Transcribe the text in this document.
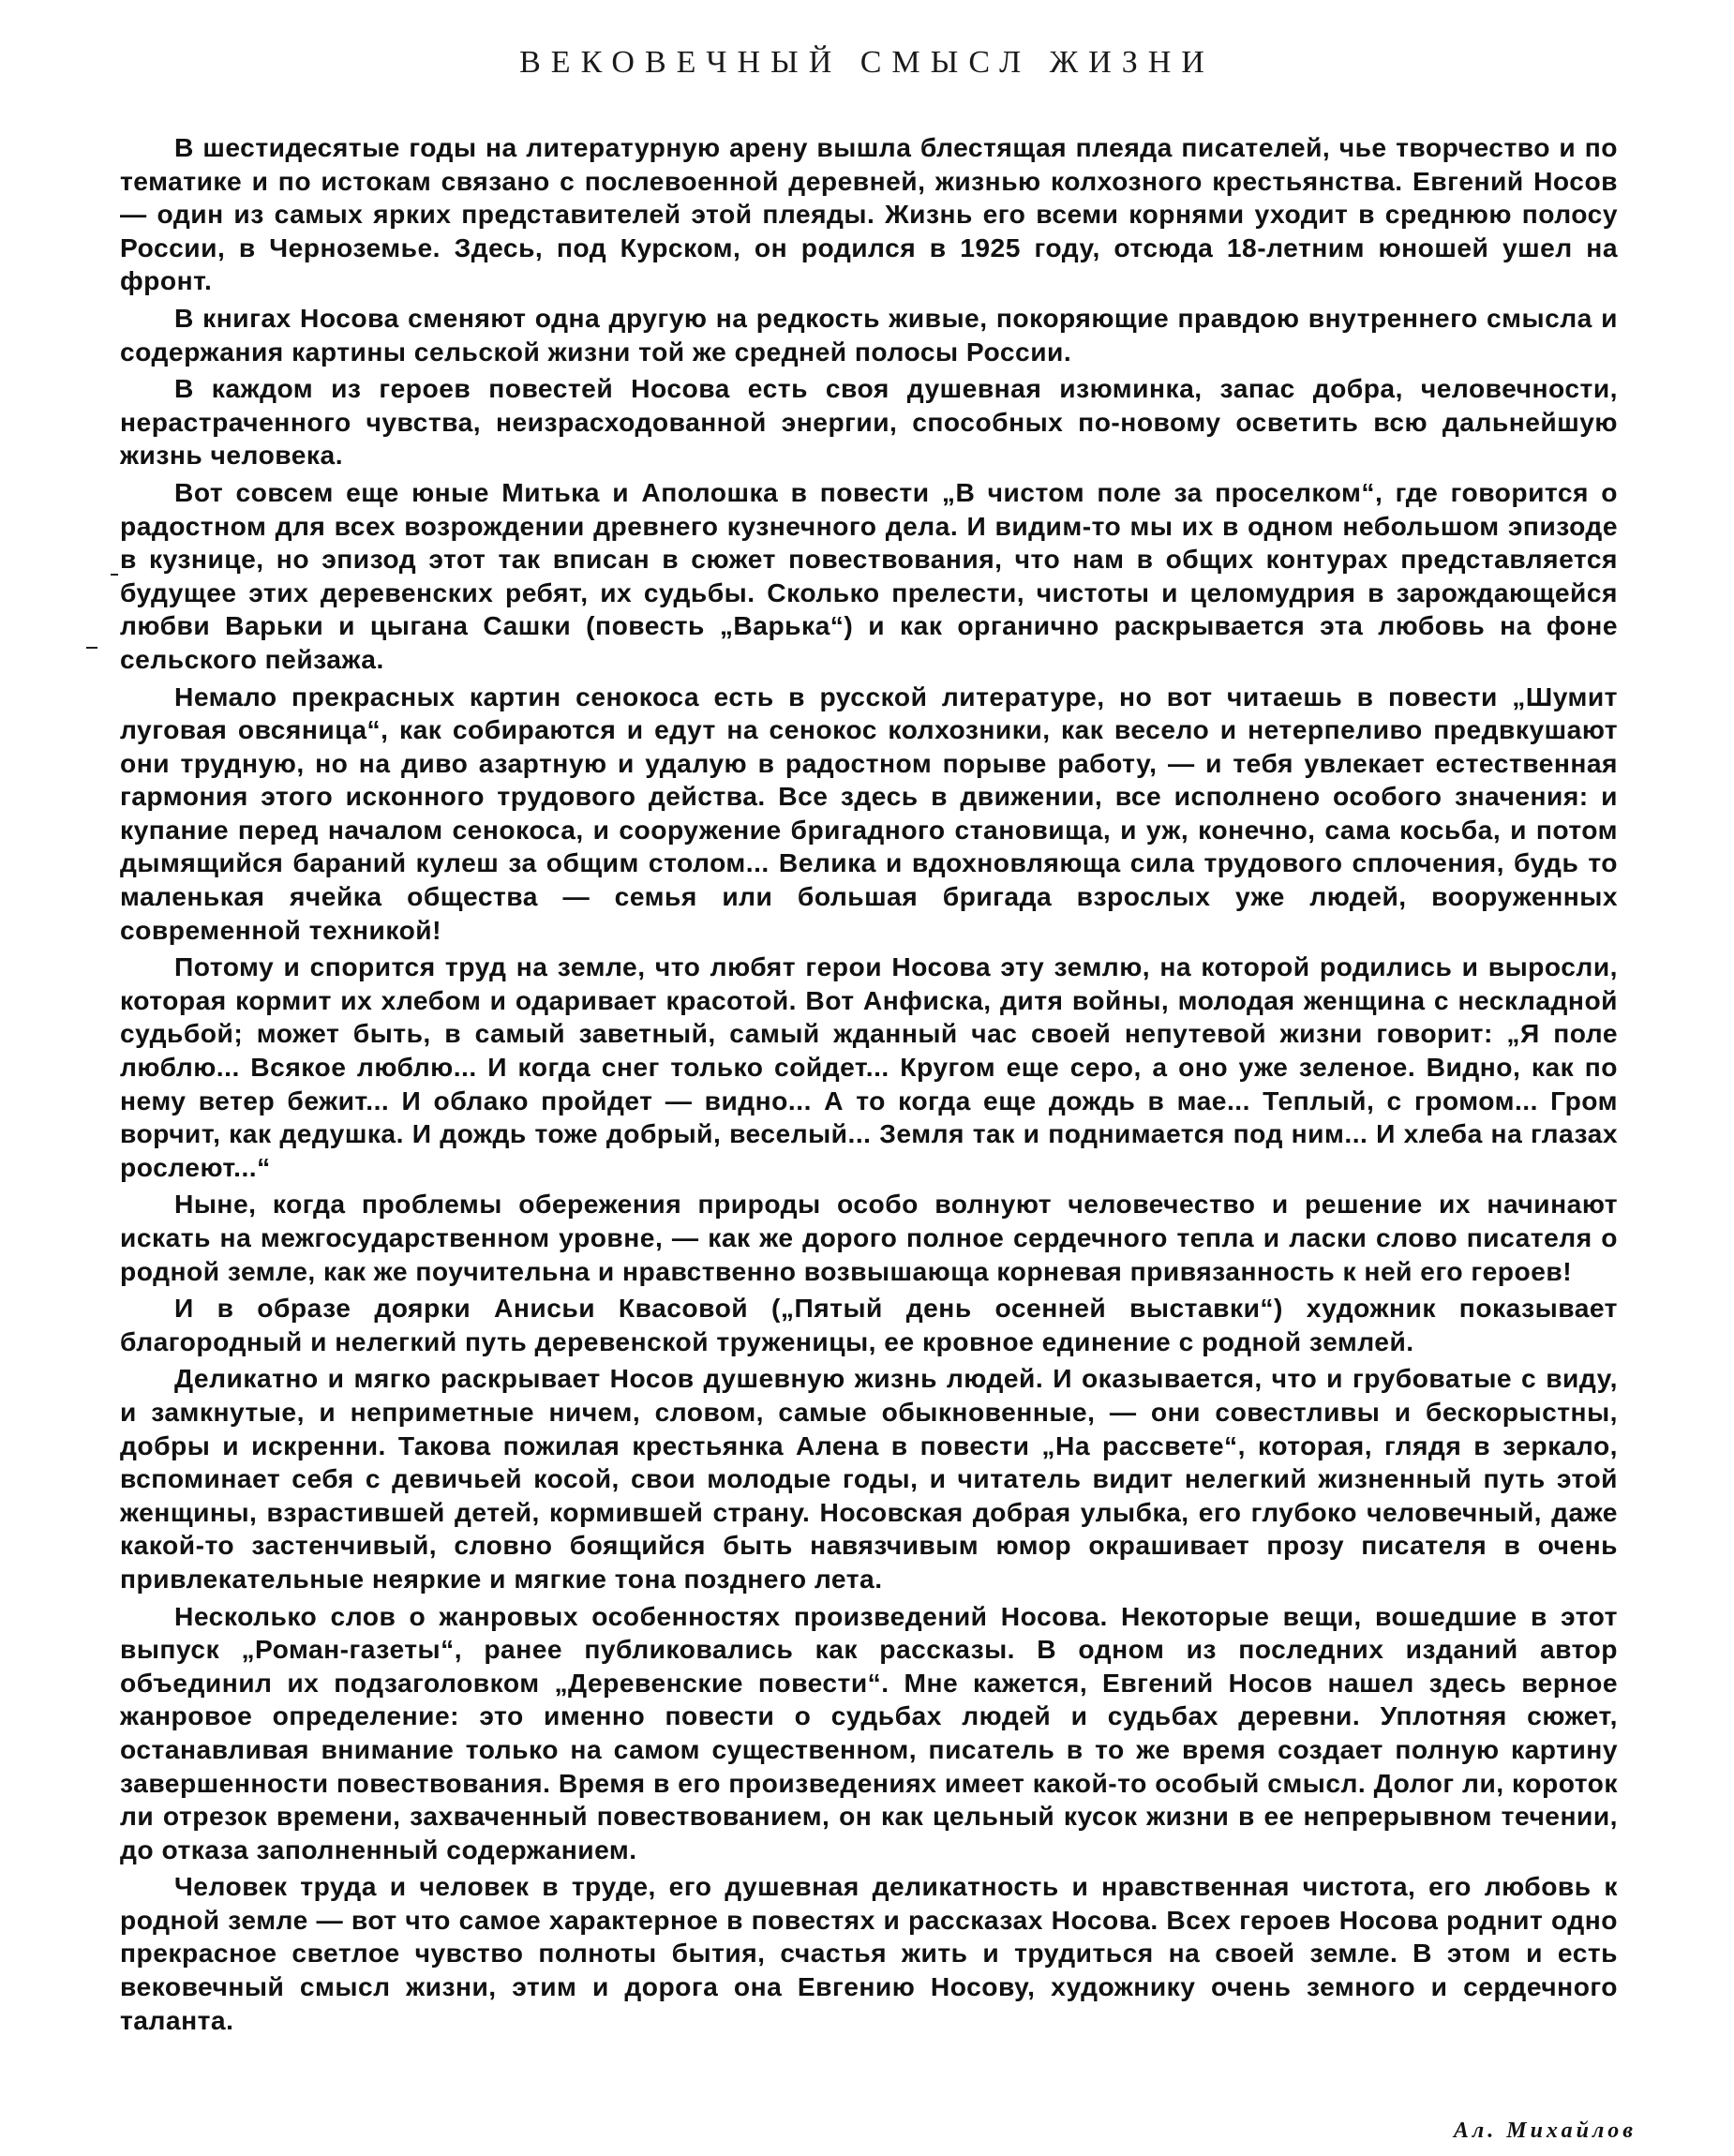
ВЕКОВЕЧНЫЙ СМЫСЛ ЖИЗНИ

В шестидесятые годы на литературную арену вышла блестящая плеяда писателей, чье творчество и по тематике и по истокам связано с послевоенной деревней, жизнью колхозного крестьянства. Евгений Носов — один из самых ярких представителей этой плеяды. Жизнь его всеми корнями уходит в среднюю полосу России, в Черноземье. Здесь, под Курском, он родился в 1925 году, отсюда 18-летним юношей ушел на фронт.

В книгах Носова сменяют одна другую на редкость живые, покоряющие правдою внутреннего смысла и содержания картины сельской жизни той же средней полосы России.

В каждом из героев повестей Носова есть своя душевная изюминка, запас добра, человечности, нерастраченного чувства, неизрасходованной энергии, способных по-новому осветить всю дальнейшую жизнь человека.

Вот совсем еще юные Митька и Аполошка в повести „В чистом поле за проселком“, где говорится о радостном для всех возрождении древнего кузнечного дела. И видим-то мы их в одном небольшом эпизоде в кузнице, но эпизод этот так вписан в сюжет повествования, что нам в общих контурах представляется будущее этих деревенских ребят, их судьбы. Сколько прелести, чистоты и целомудрия в зарождающейся любви Варьки и цыгана Сашки (повесть „Варька“) и как органично раскрывается эта любовь на фоне сельского пейзажа.

Немало прекрасных картин сенокоса есть в русской литературе, но вот читаешь в повести „Шумит луговая овсяница“, как собираются и едут на сенокос колхозники, как весело и нетерпеливо предвкушают они трудную, но на диво азартную и удалую в радостном порыве работу, — и тебя увлекает естественная гармония этого исконного трудового действа. Все здесь в движении, все исполнено особого значения: и купание перед началом сенокоса, и сооружение бригадного становища, и уж, конечно, сама косьба, и потом дымящийся бараний кулеш за общим столом... Велика и вдохновляюща сила трудового сплочения, будь то маленькая ячейка общества — семья или большая бригада взрослых уже людей, вооруженных современной техникой!

Потому и спорится труд на земле, что любят герои Носова эту землю, на которой родились и выросли, которая кормит их хлебом и одаривает красотой. Вот Анфиска, дитя войны, молодая женщина с нескладной судьбой; может быть, в самый заветный, самый жданный час своей непутевой жизни говорит: „Я поле люблю... Всякое люблю... И когда снег только сойдет... Кругом еще серо, а оно уже зеленое. Видно, как по нему ветер бежит... И облако пройдет — видно... А то когда еще дождь в мае... Теплый, с громом... Гром ворчит, как дедушка. И дождь тоже добрый, веселый... Земля так и поднимается под ним... И хлеба на глазах рослеют...“

Ныне, когда проблемы обережения природы особо волнуют человечество и решение их начинают искать на межгосударственном уровне, — как же дорого полное сердечного тепла и ласки слово писателя о родной земле, как же поучительна и нравственно возвышающа корневая привязанность к ней его героев!

И в образе доярки Анисьи Квасовой („Пятый день осенней выставки“) художник показывает благородный и нелегкий путь деревенской труженицы, ее кровное единение с родной землей.

Деликатно и мягко раскрывает Носов душевную жизнь людей. И оказывается, что и грубоватые с виду, и замкнутые, и неприметные ничем, словом, самые обыкновенные, — они совестливы и бескорыстны, добры и искренни. Такова пожилая крестьянка Алена в повести „На рассвете“, которая, глядя в зеркало, вспоминает себя с девичьей косой, свои молодые годы, и читатель видит нелегкий жизненный путь этой женщины, взрастившей детей, кормившей страну. Носовская добрая улыбка, его глубоко человечный, даже какой-то застенчивый, словно боящийся быть навязчивым юмор окрашивает прозу писателя в очень привлекательные неяркие и мягкие тона позднего лета.

Несколько слов о жанровых особенностях произведений Носова. Некоторые вещи, вошедшие в этот выпуск „Роман-газеты“, ранее публиковались как рассказы. В одном из последних изданий автор объединил их подзаголовком „Деревенские повести“. Мне кажется, Евгений Носов нашел здесь верное жанровое определение: это именно повести о судьбах людей и судьбах деревни. Уплотняя сюжет, останавливая внимание только на самом существенном, писатель в то же время создает полную картину завершенности повествования. Время в его произведениях имеет какой-то особый смысл. Долог ли, короток ли отрезок времени, захваченный повествованием, он как цельный кусок жизни в ее непрерывном течении, до отказа заполненный содержанием.

Человек труда и человек в труде, его душевная деликатность и нравственная чистота, его любовь к родной земле — вот что самое характерное в повестях и рассказах Носова. Всех героев Носова роднит одно прекрасное светлое чувство полноты бытия, счастья жить и трудиться на своей земле. В этом и есть вековечный смысл жизни, этим и дорога она Евгению Носову, художнику очень земного и сердечного таланта.

Ал. Михайлов
